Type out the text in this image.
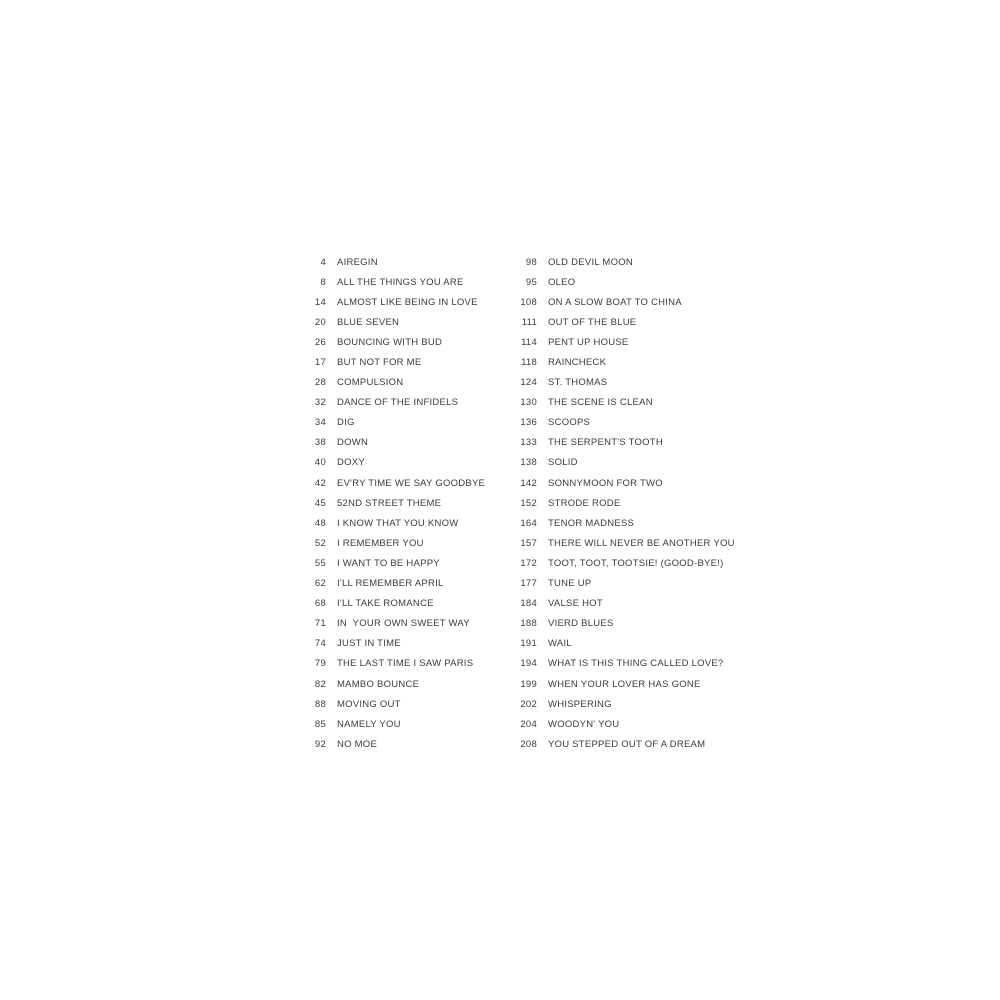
4 AIREGIN
8 ALL THE THINGS YOU ARE
14 ALMOST LIKE BEING IN LOVE
20 BLUE SEVEN
26 BOUNCING WITH BUD
17 BUT NOT FOR ME
28 COMPULSION
32 DANCE OF THE INFIDELS
34 DIG
38 DOWN
40 DOXY
42 EV'RY TIME WE SAY GOODBYE
45 52ND STREET THEME
48 I KNOW THAT YOU KNOW
52 I REMEMBER YOU
55 I WANT TO BE HAPPY
62 I'LL REMEMBER APRIL
68 I'LL TAKE ROMANCE
71 IN  YOUR OWN SWEET WAY
74 JUST IN TIME
79 THE LAST TIME I SAW PARIS
82 MAMBO BOUNCE
88 MOVING OUT
85 NAMELY YOU
92 NO MOE
98 OLD DEVIL MOON
95 OLEO
108 ON A SLOW BOAT TO CHINA
111 OUT OF THE BLUE
114 PENT UP HOUSE
118 RAINCHECK
124 ST. THOMAS
130 THE SCENE IS CLEAN
136 SCOOPS
133 THE SERPENT'S TOOTH
138 SOLID
142 SONNYMOON FOR TWO
152 STRODE RODE
164 TENOR MADNESS
157 THERE WILL NEVER BE ANOTHER YOU
172 TOOT, TOOT, TOOTSIE! (GOOD-BYE!)
177 TUNE UP
184 VALSE HOT
188 VIERD BLUES
191 WAIL
194 WHAT IS THIS THING CALLED LOVE?
199 WHEN YOUR LOVER HAS GONE
202 WHISPERING
204 WOODYN' YOU
208 YOU STEPPED OUT OF A DREAM
